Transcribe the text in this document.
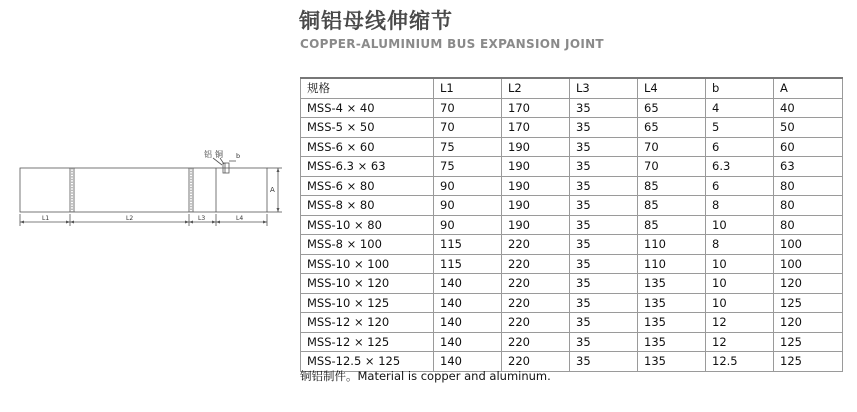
铜铝母线伸缩节
COPPER-ALUMINIUM BUS EXPANSION JOINT
铝 铜 b
A
L1	L2	L3	L4
规格	L1	L2	L3	L4	b	A
MSS-4 × 40	70	170	35	65	4	40
MSS-5 × 50	70	170	35	65	5	50
MSS-6 × 60	75	190	35	70	6	60
MSS-6.3 × 63	75	190	35	70	6.3	63
MSS-6 × 80	90	190	35	85	6	80
MSS-8 × 80	90	190	35	85	8	80
MSS-10 × 80	90	190	35	85	10	80
MSS-8 × 100	115	220	35	110	8	100
MSS-10 × 100	115	220	35	110	10	100
MSS-10 × 120	140	220	35	135	10	120
MSS-10 × 125	140	220	35	135	10	125
MSS-12 × 120	140	220	35	135	12	120
MSS-12 × 125	140	220	35	135	12	125
MSS-12.5 × 125	140	220	35	135	12.5	125

铜铝制件。Material is copper and aluminum.
